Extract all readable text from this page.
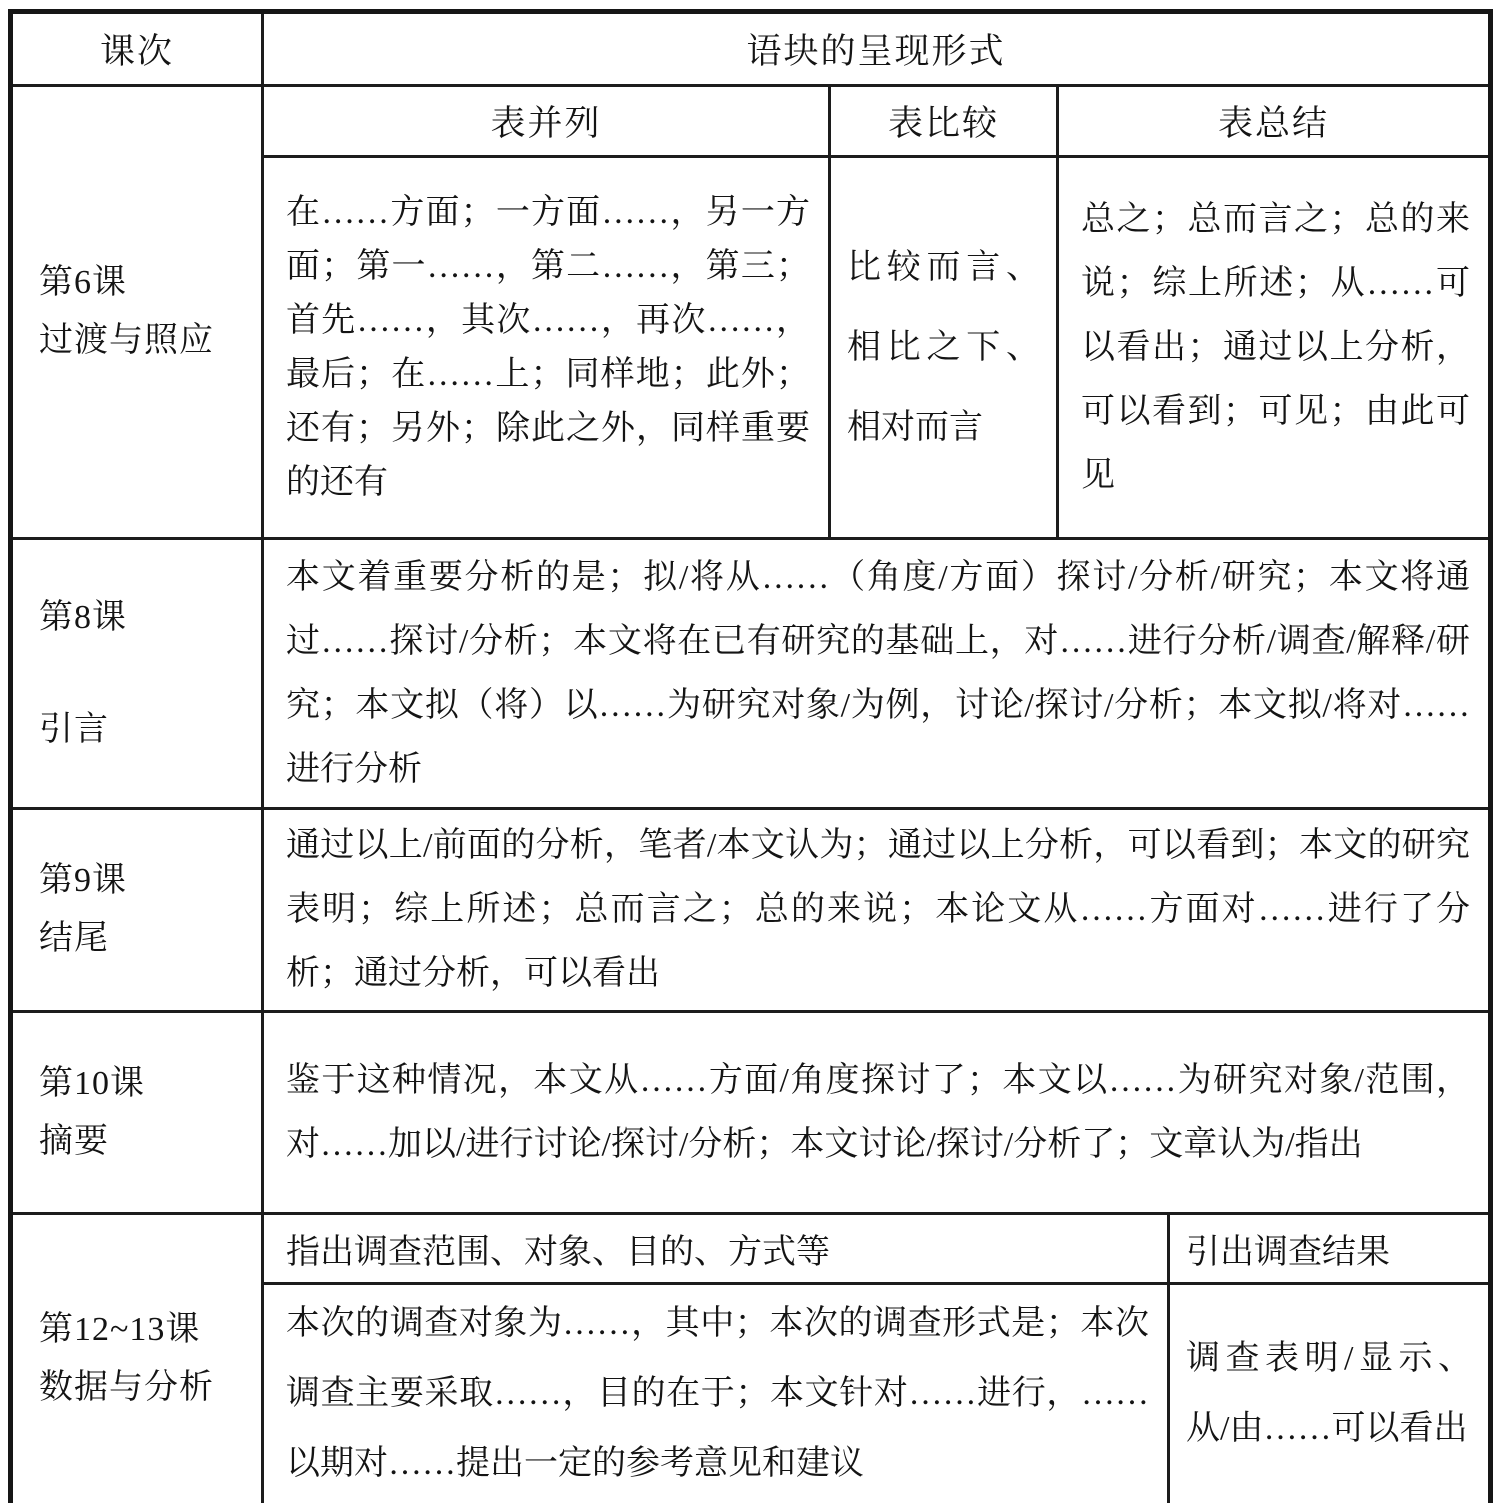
课次	语块的呈现形式			

第6课
过渡与照应	表并列	表比较	表总结	
	在……方面；一方面……，另一方面；第一……，第二……，第三；首先……，其次……，再次……，最后；在……上；同样地；此外；还有；另外；除此之外，同样重要的还有	比较而言、相比之下、相对而言	总之；总而言之；总的来说；综上所述；从……可以看出；通过以上分析，可以看到；可见；由此可见	

第8课
引言	本文着重要分析的是；拟/将从……（角度/方面）探讨/分析/研究；本文将通过……探讨/分析；本文将在已有研究的基础上，对……进行分析/调查/解释/研究；本文拟（将）以……为研究对象/为例，讨论/探讨/分析；本文拟/将对……进行分析			

第9课
结尾	通过以上/前面的分析，笔者/本文认为；通过以上分析，可以看到；本文的研究表明；综上所述；总而言之；总的来说；本论文从……方面对……进行了分析；通过分析，可以看出			

第10课
摘要	鉴于这种情况，本文从……方面/角度探讨了；本文以……为研究对象/范围，对……加以/进行讨论/探讨/分析；本文讨论/探讨/分析了；文章认为/指出			

第12~13课
数据与分析	指出调查范围、对象、目的、方式等			引出调查结果
	本次的调查对象为……，其中；本次的调查形式是；本次调查主要采取……，目的在于；本文针对……进行，……以期对……提出一定的参考意见和建议			调查表明/显示、从/由……可以看出
